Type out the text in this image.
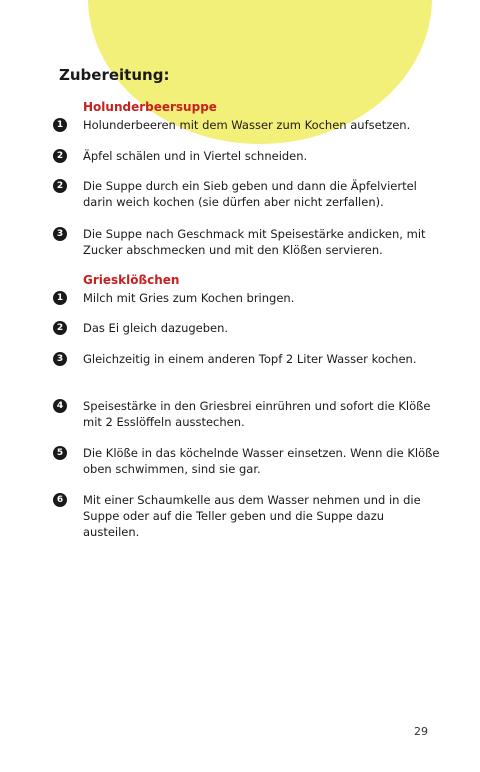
Zubereitung:
Holunderbeersuppe
1	Holunderbeeren mit dem Wasser zum Kochen aufsetzen.
2	Äpfel schälen und in Viertel schneiden.
2	Die Suppe durch ein Sieb geben und dann die Äpfelviertel darin weich kochen (sie dürfen aber nicht zerfallen).
3	Die Suppe nach Geschmack mit Speisestärke andicken, mit Zucker abschmecken und mit den Klößen servieren.
Griesklößchen
1	Milch mit Gries zum Kochen bringen.
2	Das Ei gleich dazugeben.
3	Gleichzeitig in einem anderen Topf 2 Liter Wasser kochen.
4	Speisestärke in den Griesbrei einrühren und sofort die Klöße mit 2 Esslöffeln ausstechen.
5	Die Klöße in das köchelnde Wasser einsetzen. Wenn die Klöße oben schwimmen, sind sie gar.
6	Mit einer Schaumkelle aus dem Wasser nehmen und in die Suppe oder auf die Teller geben und die Suppe dazu austeilen.
29
